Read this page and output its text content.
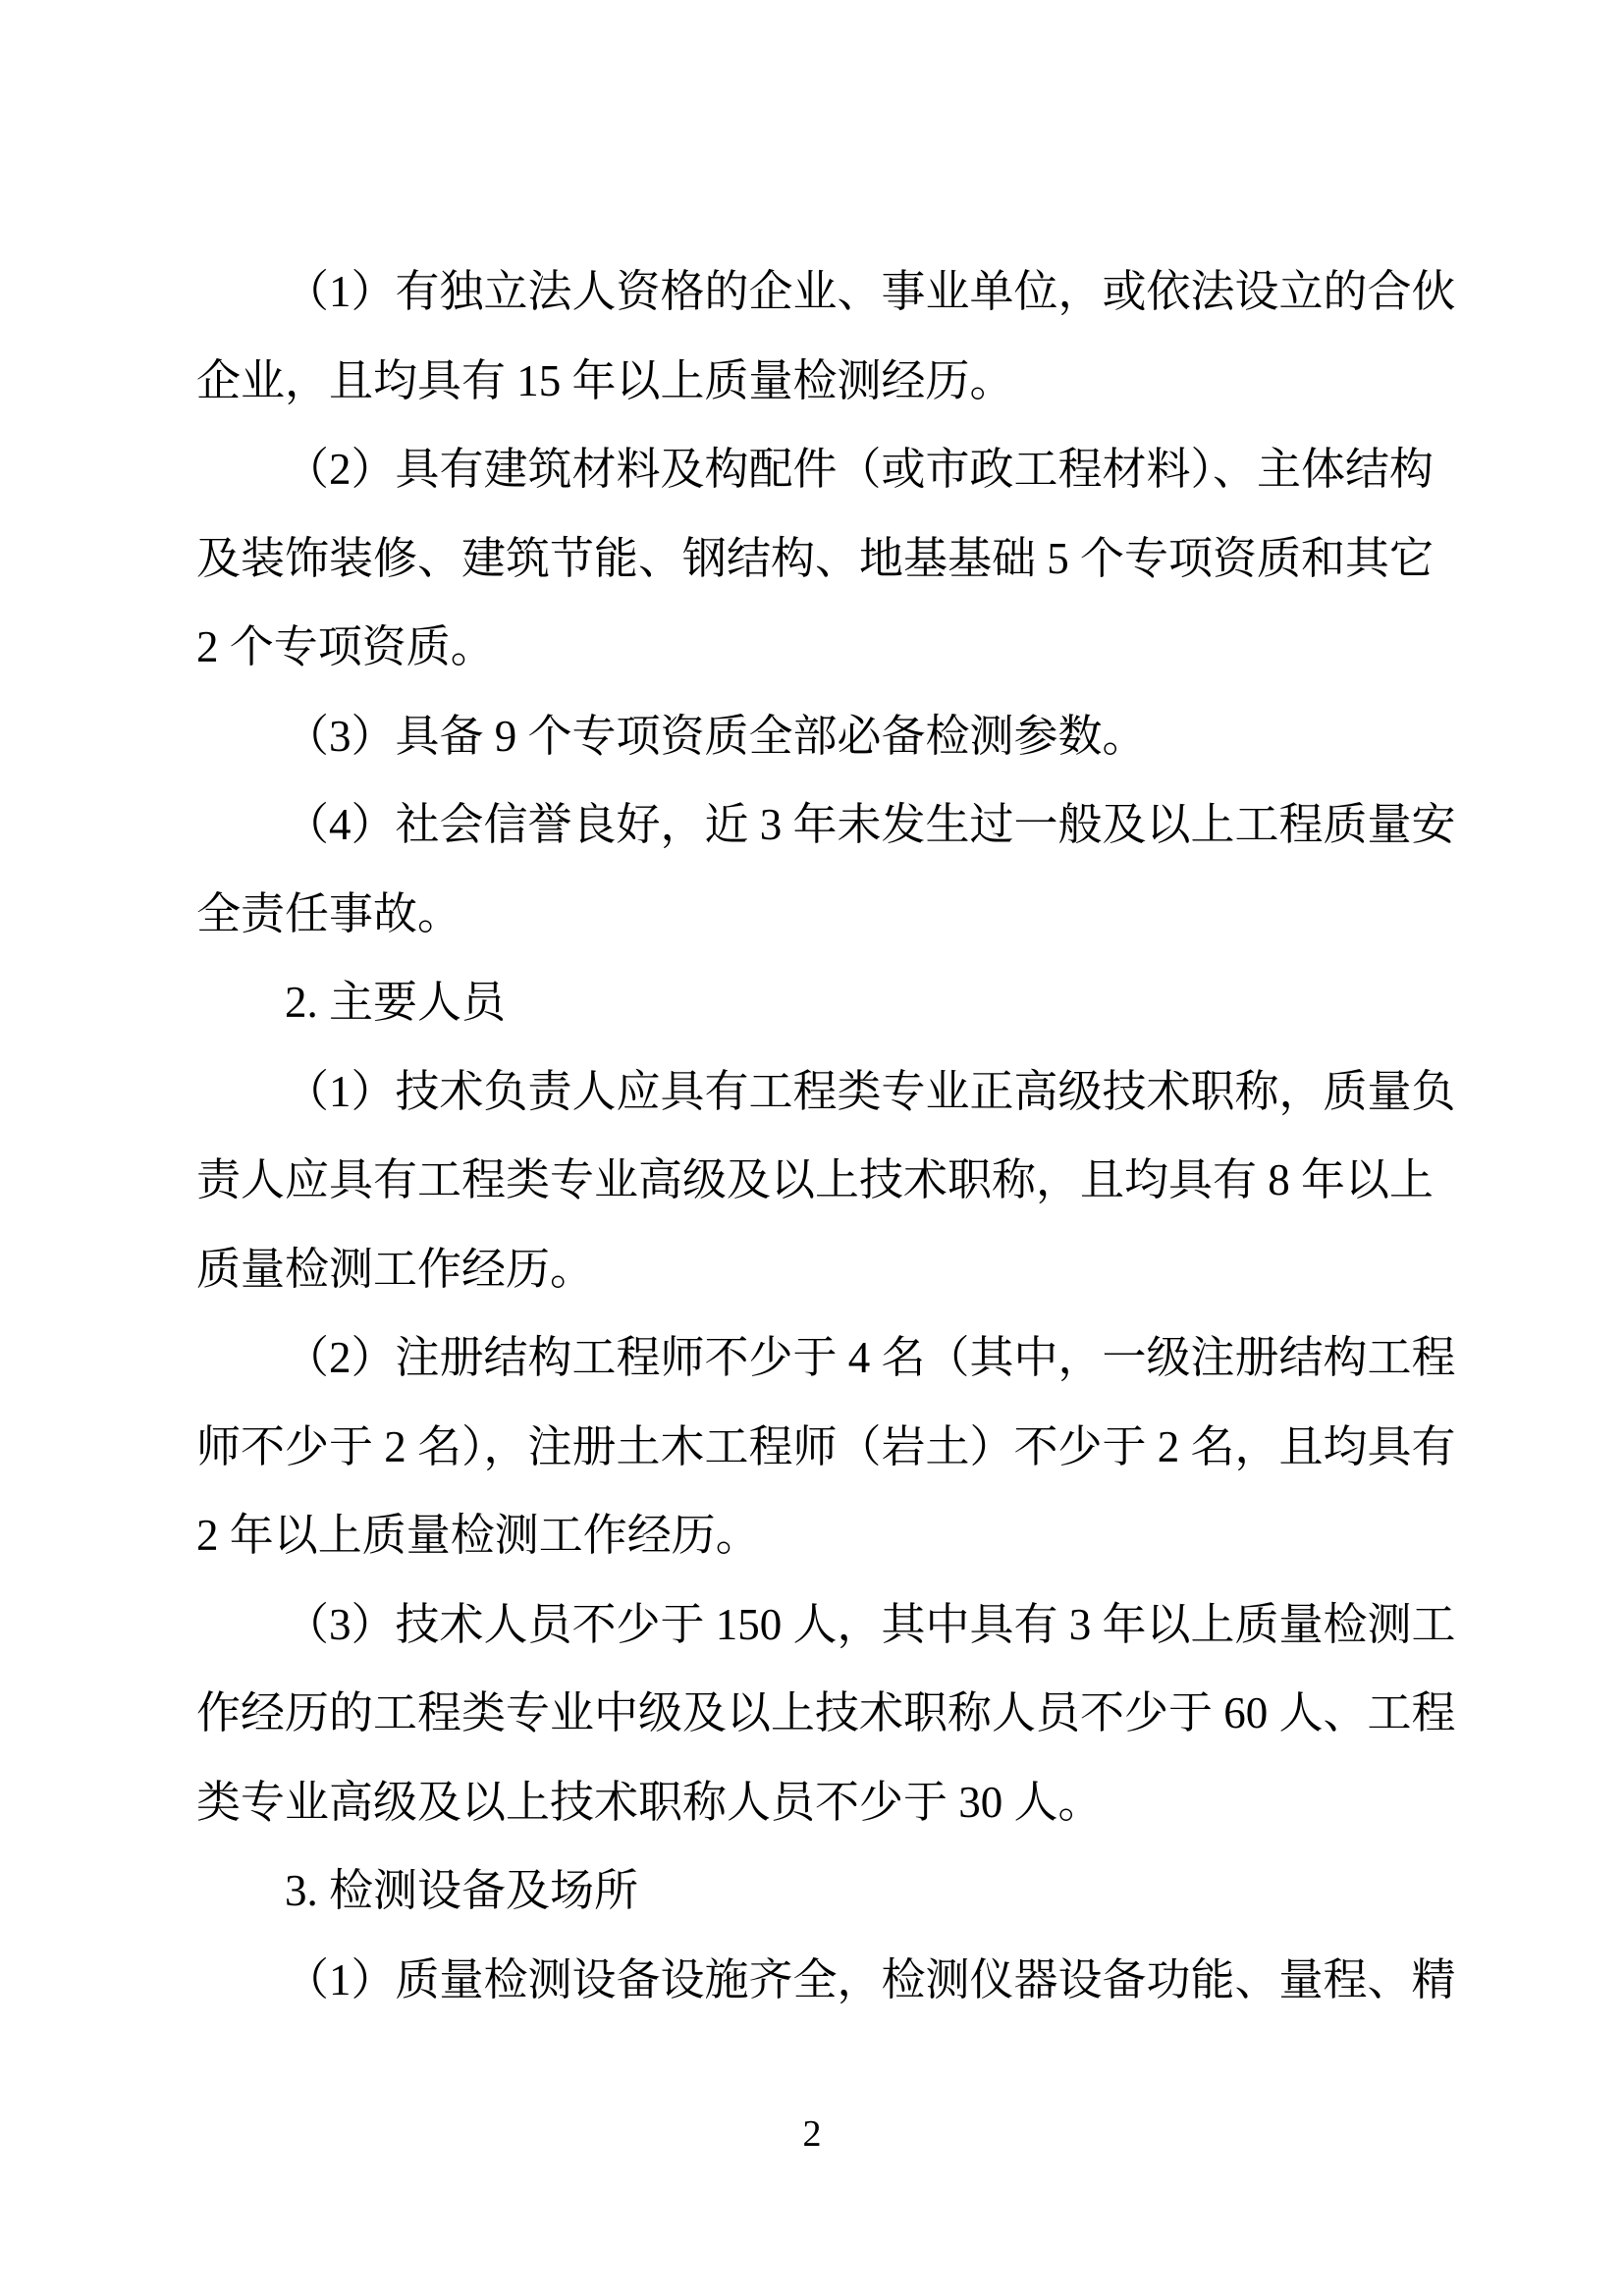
（1）有独立法人资格的企业、事业单位，或依法设立的合伙
企业，且均具有 15 年以上质量检测经历。
（2）具有建筑材料及构配件（或市政工程材料）、主体结构
及装饰装修、建筑节能、钢结构、地基基础 5 个专项资质和其它
2 个专项资质。
（3）具备 9 个专项资质全部必备检测参数。
（4）社会信誉良好，近 3 年未发生过一般及以上工程质量安
全责任事故。
2. 主要人员
（1）技术负责人应具有工程类专业正高级技术职称，质量负
责人应具有工程类专业高级及以上技术职称，且均具有 8 年以上
质量检测工作经历。
（2）注册结构工程师不少于 4 名（其中，一级注册结构工程
师不少于 2 名），注册土木工程师（岩土）不少于 2 名，且均具有
2 年以上质量检测工作经历。
（3）技术人员不少于 150 人，其中具有 3 年以上质量检测工
作经历的工程类专业中级及以上技术职称人员不少于 60 人、工程
类专业高级及以上技术职称人员不少于 30 人。
3. 检测设备及场所
（1）质量检测设备设施齐全，检测仪器设备功能、量程、精
2
